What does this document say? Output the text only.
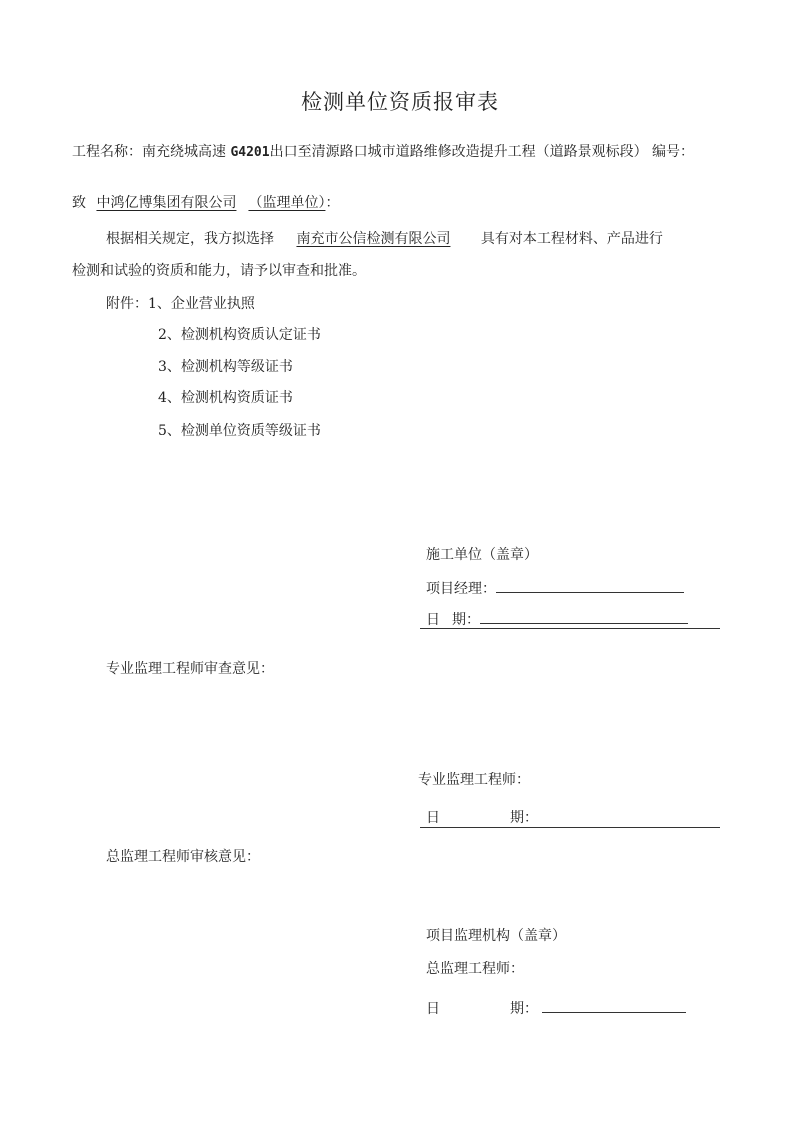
检测单位资质报审表
工程名称：南充绕城高速 G4201出口至清源路口城市道路维修改造提升工程（道路景观标段） 编号：
致 中鸿亿博集团有限公司 （监理单位）：
根据相关规定，我方拟选择 南充市公信检测有限公司 具有对本工程材料、产品进行
检测和试验的资质和能力，请予以审查和批准。
附件：1、企业营业执照
2、检测机构资质认定证书
3、检测机构等级证书
4、检测机构资质证书
5、检测单位资质等级证书
施工单位（盖章）
项目经理：
日 期：
专业监理工程师审查意见：
专业监理工程师：
日	期：
总监理工程师审核意见：
项目监理机构（盖章）
总监理工程师：
日	期：
